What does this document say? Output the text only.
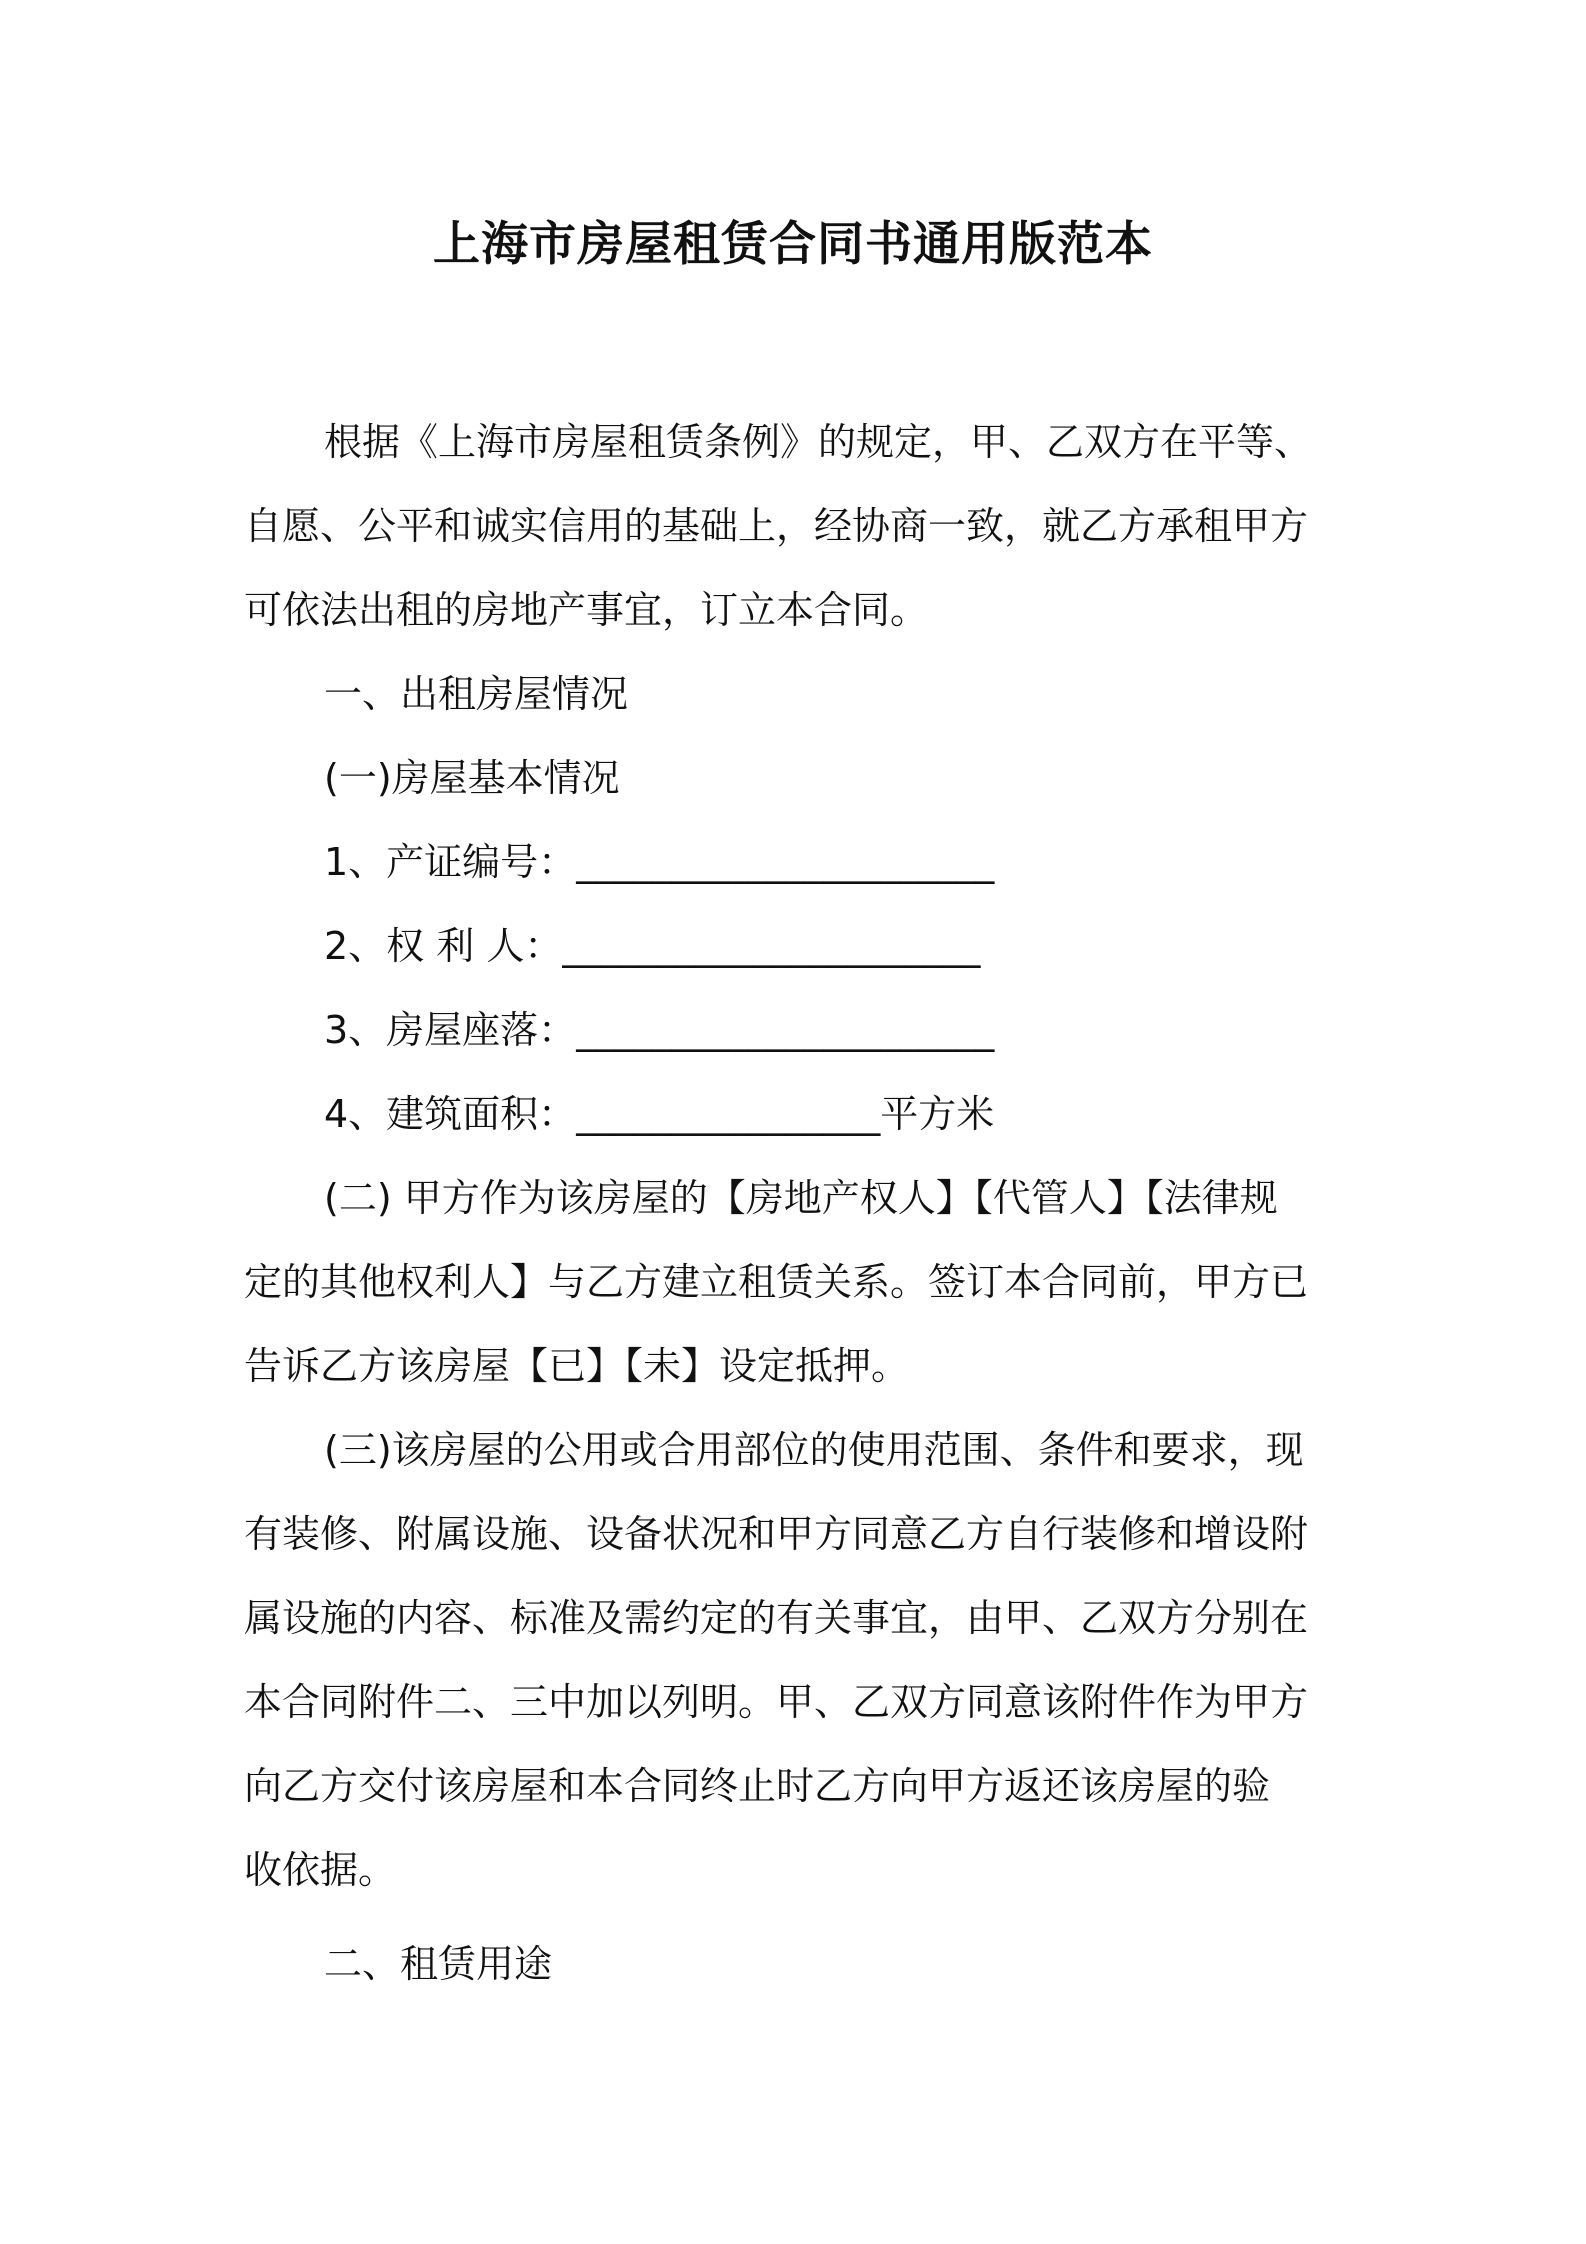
上海市房屋租赁合同书通用版范本
根据《上海市房屋租赁条例》的规定，甲、乙双方在平等、
自愿、公平和诚实信用的基础上，经协商一致，就乙方承租甲方
可依法出租的房地产事宜，订立本合同。
一、出租房屋情况
(一)房屋基本情况
1、产证编号：______________________
2、权 利 人：______________________
3、房屋座落：______________________
4、建筑面积：________________平方米
(二) 甲方作为该房屋的【房地产权人】【代管人】【法律规
定的其他权利人】与乙方建立租赁关系。签订本合同前，甲方已
告诉乙方该房屋【已】【未】设定抵押。
(三)该房屋的公用或合用部位的使用范围、条件和要求，现
有装修、附属设施、设备状况和甲方同意乙方自行装修和增设附
属设施的内容、标准及需约定的有关事宜，由甲、乙双方分别在
本合同附件二、三中加以列明。甲、乙双方同意该附件作为甲方
向乙方交付该房屋和本合同终止时乙方向甲方返还该房屋的验
收依据。
二、租赁用途
